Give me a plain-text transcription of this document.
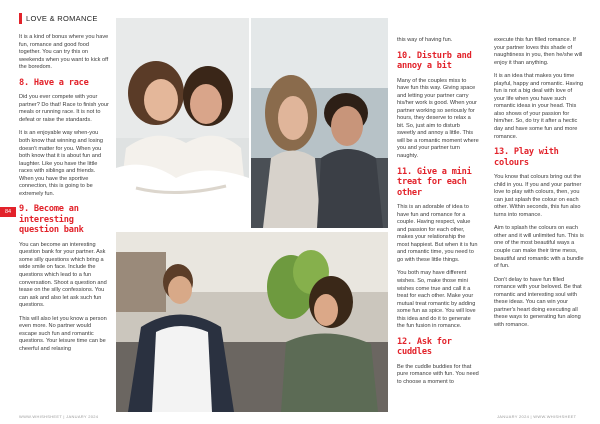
LOVE & ROMANCE
84

It is a kind of bonus where you have fun, romance and good food together. You can try this on weekends when you want to kick off the boredom.

8. Have a race

Did you ever compete with your partner? Do that! Race to finish your meals or running race. It is not to defeat or raise the standards.

It is an enjoyable way when-you both know that winning and losing doesn't matter for you. When you both know that it is about fun and laughter. Like you have the little races with siblings and friends. When you have the sportive connection, this is going to be extremely fun.

9. Become an interesting question bank

You can become an interesting question bank for your partner. Ask some silly questions which bring a wide smile on face. Include the questions which lead to a fun conversation. Shoot a question and tease on the silly confessions. You can ask and also let ask such fun questions.

This will also let you know a person even more. No partner would escape such fun and romantic questions. Your leisure time can be cheerful and relaxing

this way of having fun.

10. Disturb and annoy a bit

Many of the couples miss to have fun this way. Giving space and letting your partner carry his/her work is good. When your partner working so seriously for hours, they deserve to relax a bit. So, just aim to disturb sweetly and annoy a little. This will be a romantic moment where you and your partner turn naughty.

11. Give a mini treat for each other

This is an adorable of idea to have fun and romance for a couple. Having respect, value and passion for each other, makes your relationship the most happiest. But when it is fun and romantic time, you need to go with these little things.

You both may have different wishes. So, make those mini wishes come true and call it a treat for each other. Make your mutual treat romantic by adding some fun as spice. You will love this idea and do it to generate the fun fusion in romance.

12. Ask for cuddles

Be the cuddle buddies for that pure romance with fun. You need to choose a moment to

execute this fun filled romance. If your partner loves this shade of naughtiness in you, then he/she will enjoy it than anything.

It is an idea that makes you time playful, happy and romantic. Having fun is not a big deal with love of your life when you have such romantic ideas in your head. This also shows of your passion for him/her. So, do try it after a hectic day and have some fun and more romance.

13. Play with colours

You know that colours bring out the child in you. If you and your partner love to play with colours, then, you can just splash the colour on each other. Within seconds, this fun also turns into romance.

Aim to splash the colours on each other and it will unlimited fun. This is one of the most beautiful ways a couple can make their time mess, beautiful and romantic with a bundle of fun.

Don't delay to have fun filled romance with your beloved. Be that romantic and interesting soul with these ideas. You can win your partner's heart doing executing all these ways to generating fun along with romance.

WWW.WHISHSHEET | JANUARY 2024	JANUARY 2024 | WWW.WHISHSHEET
